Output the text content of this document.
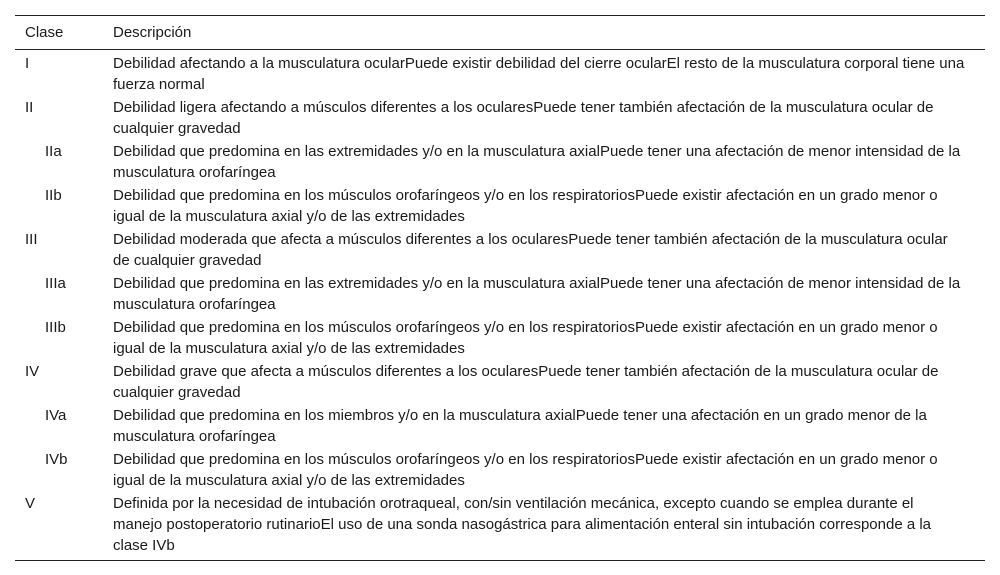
Clase	Descripción
I	Debilidad afectando a la musculatura ocularPuede existir debilidad del cierre ocularEl resto de la musculatura corporal tiene una fuerza normal
II	Debilidad ligera afectando a músculos diferentes a los ocularesPuede tener también afectación de la musculatura ocular de cualquier gravedad
IIa	Debilidad que predomina en las extremidades y/o en la musculatura axialPuede tener una afectación de menor intensidad de la musculatura orofaríngea
IIb	Debilidad que predomina en los músculos orofaríngeos y/o en los respiratoriosPuede existir afectación en un grado menor o igual de la musculatura axial y/o de las extremidades
III	Debilidad moderada que afecta a músculos diferentes a los ocularesPuede tener también afectación de la musculatura ocular de cualquier gravedad
IIIa	Debilidad que predomina en las extremidades y/o en la musculatura axialPuede tener una afectación de menor intensidad de la musculatura orofaríngea
IIIb	Debilidad que predomina en los músculos orofaríngeos y/o en los respiratoriosPuede existir afectación en un grado menor o igual de la musculatura axial y/o de las extremidades
IV	Debilidad grave que afecta a músculos diferentes a los ocularesPuede tener también afectación de la musculatura ocular de cualquier gravedad
IVa	Debilidad que predomina en los miembros y/o en la musculatura axialPuede tener una afectación en un grado menor de la musculatura orofaríngea
IVb	Debilidad que predomina en los músculos orofaríngeos y/o en los respiratoriosPuede existir afectación en un grado menor o igual de la musculatura axial y/o de las extremidades
V	Definida por la necesidad de intubación orotraqueal, con/sin ventilación mecánica, excepto cuando se emplea durante el manejo postoperatorio rutinarioEl uso de una sonda nasogástrica para alimentación enteral sin intubación corresponde a la clase IVb
